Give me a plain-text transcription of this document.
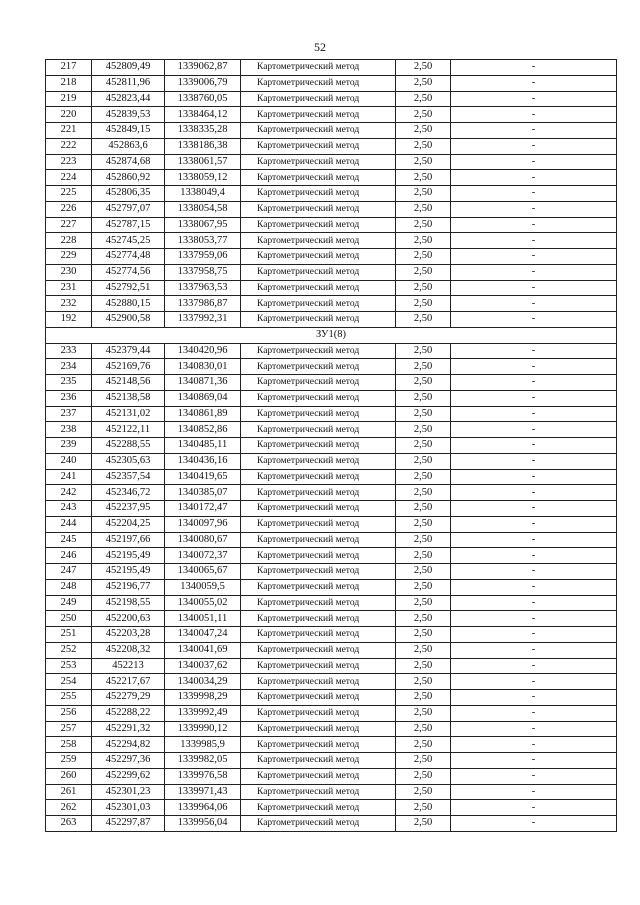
52
217	452809,49	1339062,87	Картометрический метод	2,50	-
218	452811,96	1339006,79	Картометрический метод	2,50	-
219	452823,44	1338760,05	Картометрический метод	2,50	-
220	452839,53	1338464,12	Картометрический метод	2,50	-
221	452849,15	1338335,28	Картометрический метод	2,50	-
222	452863,6	1338186,38	Картометрический метод	2,50	-
223	452874,68	1338061,57	Картометрический метод	2,50	-
224	452860,92	1338059,12	Картометрический метод	2,50	-
225	452806,35	1338049,4	Картометрический метод	2,50	-
226	452797,07	1338054,58	Картометрический метод	2,50	-
227	452787,15	1338067,95	Картометрический метод	2,50	-
228	452745,25	1338053,77	Картометрический метод	2,50	-
229	452774,48	1337959,06	Картометрический метод	2,50	-
230	452774,56	1337958,75	Картометрический метод	2,50	-
231	452792,51	1337963,53	Картометрический метод	2,50	-
232	452880,15	1337986,87	Картометрический метод	2,50	-
192	452900,58	1337992,31	Картометрический метод	2,50	-
ЗУ1(8)					
233	452379,44	1340420,96	Картометрический метод	2,50	-
234	452169,76	1340830,01	Картометрический метод	2,50	-
235	452148,56	1340871,36	Картометрический метод	2,50	-
236	452138,58	1340869,04	Картометрический метод	2,50	-
237	452131,02	1340861,89	Картометрический метод	2,50	-
238	452122,11	1340852,86	Картометрический метод	2,50	-
239	452288,55	1340485,11	Картометрический метод	2,50	-
240	452305,63	1340436,16	Картометрический метод	2,50	-
241	452357,54	1340419,65	Картометрический метод	2,50	-
242	452346,72	1340385,07	Картометрический метод	2,50	-
243	452237,95	1340172,47	Картометрический метод	2,50	-
244	452204,25	1340097,96	Картометрический метод	2,50	-
245	452197,66	1340080,67	Картометрический метод	2,50	-
246	452195,49	1340072,37	Картометрический метод	2,50	-
247	452195,49	1340065,67	Картометрический метод	2,50	-
248	452196,77	1340059,5	Картометрический метод	2,50	-
249	452198,55	1340055,02	Картометрический метод	2,50	-
250	452200,63	1340051,11	Картометрический метод	2,50	-
251	452203,28	1340047,24	Картометрический метод	2,50	-
252	452208,32	1340041,69	Картометрический метод	2,50	-
253	452213	1340037,62	Картометрический метод	2,50	-
254	452217,67	1340034,29	Картометрический метод	2,50	-
255	452279,29	1339998,29	Картометрический метод	2,50	-
256	452288,22	1339992,49	Картометрический метод	2,50	-
257	452291,32	1339990,12	Картометрический метод	2,50	-
258	452294,82	1339985,9	Картометрический метод	2,50	-
259	452297,36	1339982,05	Картометрический метод	2,50	-
260	452299,62	1339976,58	Картометрический метод	2,50	-
261	452301,23	1339971,43	Картометрический метод	2,50	-
262	452301,03	1339964,06	Картометрический метод	2,50	-
263	452297,87	1339956,04	Картометрический метод	2,50	-
